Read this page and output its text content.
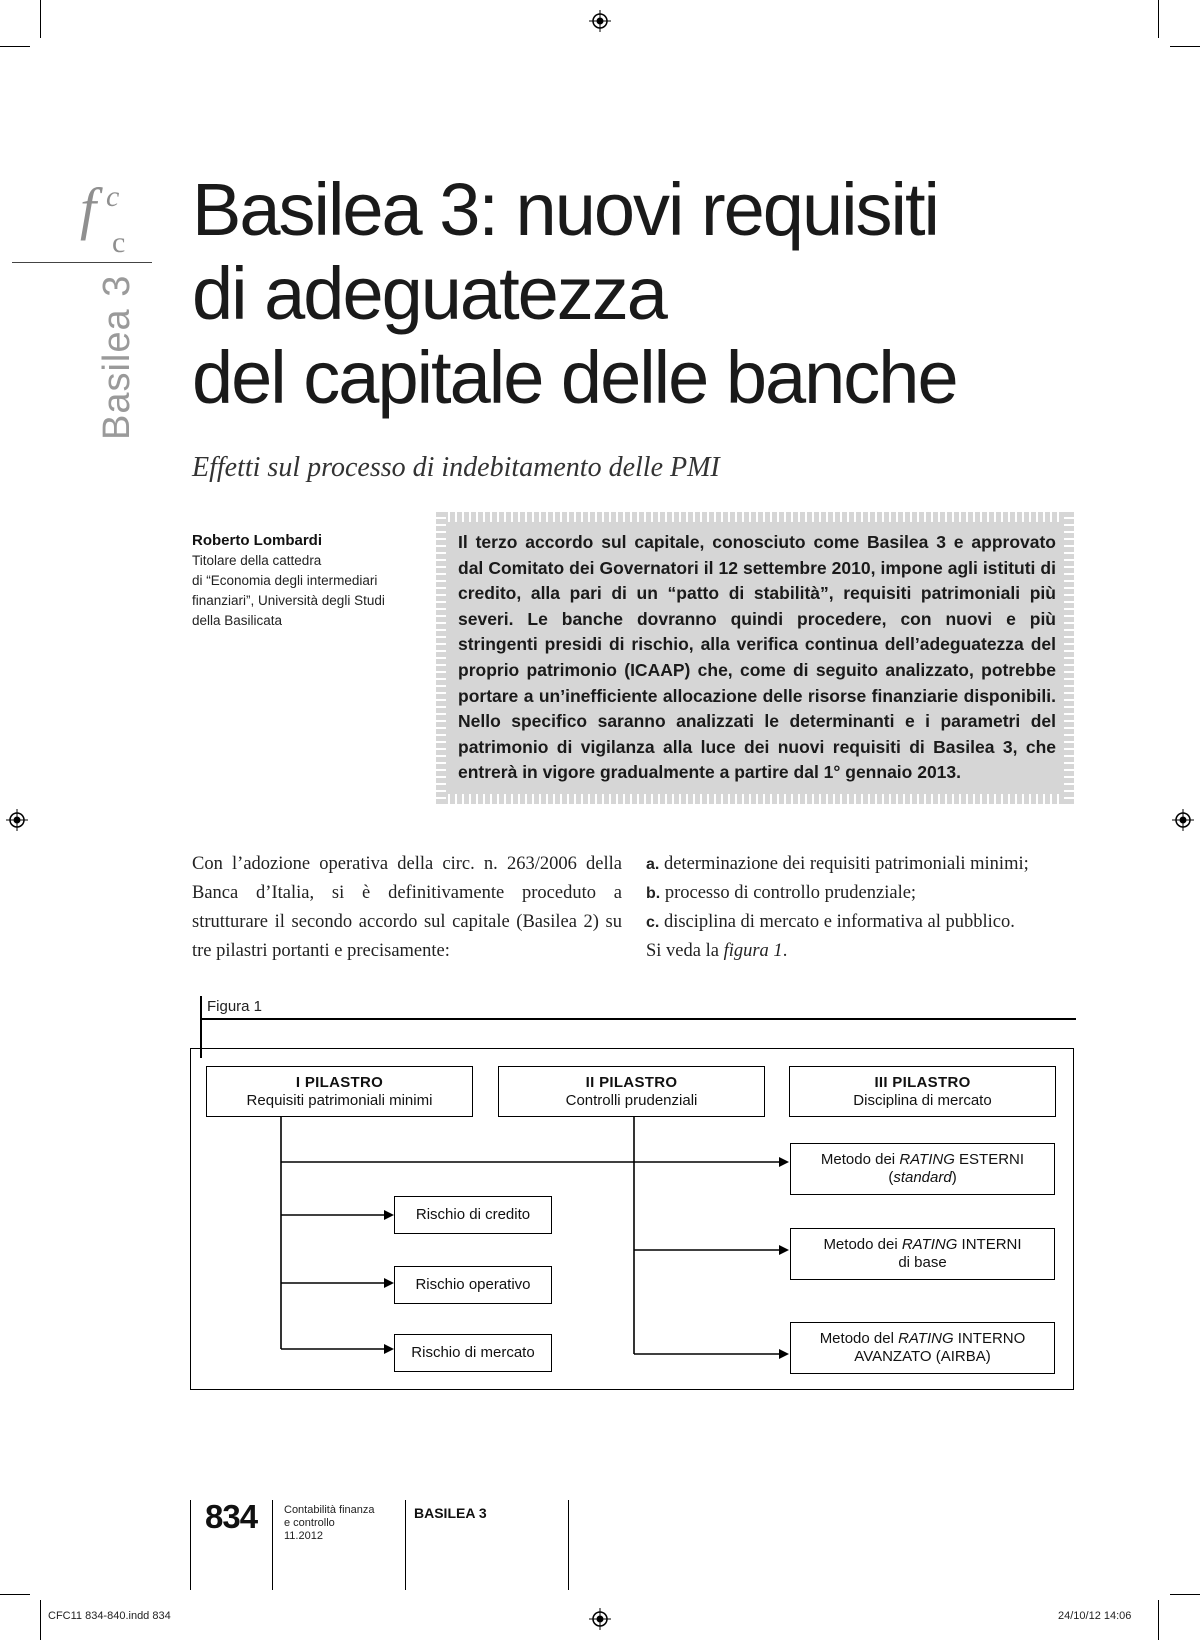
f c
c
Basilea 3
Basilea 3: nuovi requisiti
di adeguatezza
del capitale delle banche
Effetti sul processo di indebitamento delle PMI
Roberto Lombardi
Titolare della cattedra
di “Economia degli intermediari
finanziari”, Università degli Studi
della Basilicata
Il terzo accordo sul capitale, conosciuto come Basilea 3 e approvato dal Comitato dei Governatori il 12 settembre 2010, impone agli istituti di credito, alla pari di un “patto di stabilità”, requisiti patrimoniali più severi. Le banche dovranno quindi procedere, con nuovi e più stringenti presidi di rischio, alla verifica continua dell’adeguatezza del proprio patrimonio (ICAAP) che, come di seguito analizzato, potrebbe portare a un’inefficiente allocazione delle risorse finanziarie disponibili. Nello specifico saranno analizzati le determinanti e i parametri del patrimonio di vigilanza alla luce dei nuovi requisiti di Basilea 3, che entrerà in vigore gradualmente a partire dal 1° gennaio 2013.
Con l’adozione operativa della circ. n. 263/2006 della Banca d’Italia, si è definitivamente proceduto a strutturare il secondo accordo sul capitale (Basilea 2) su tre pilastri portanti e precisamente:
a. determinazione dei requisiti patrimoniali minimi;
b. processo di controllo prudenziale;
c. disciplina di mercato e informativa al pubblico.
Si veda la figura 1.
Figura 1
I PILASTRO
Requisiti patrimoniali minimi
II PILASTRO
Controlli prudenziali
III PILASTRO
Disciplina di mercato
Rischio di credito
Rischio operativo
Rischio di mercato
Metodo dei RATING ESTERNI
(standard)
Metodo dei RATING INTERNI
di base
Metodo del RATING INTERNO
AVANZATO (AIRBA)
834 Contabilità finanza
e controllo
11.2012
BASILEA 3
CFC11 834-840.indd 834	24/10/12 14:06
